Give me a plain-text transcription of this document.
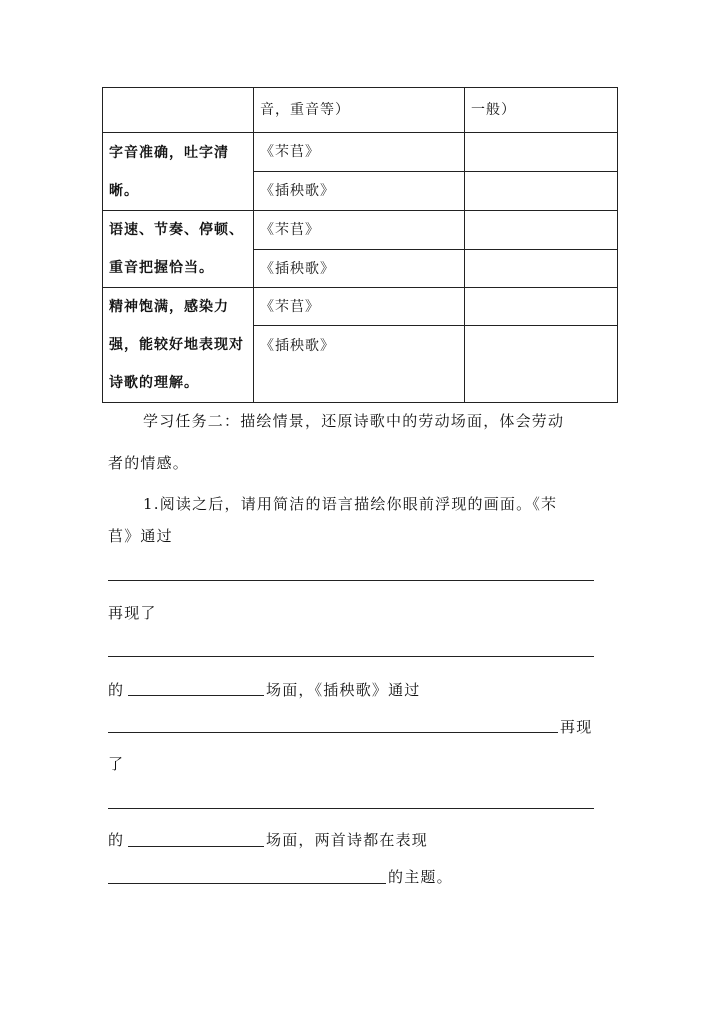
	音，重音等）	一般）

字音准确，吐字清晰。	《芣苢》	
	《插秧歌》	

语速、节奏、停顿、重音把握恰当。	《芣苢》	
	《插秧歌》	

精神饱满，感染力强，能较好地表现对诗歌的理解。	《芣苢》	
	《插秧歌》	
学习任务二：描绘情景，还原诗歌中的劳动场面，体会劳动
者的情感。
1.阅读之后，请用简洁的语言描绘你眼前浮现的画面。《芣
苢》通过
再现了
的	场面，《插秧歌》通过
再现
了
的	场面，两首诗都在表现
的主题。
